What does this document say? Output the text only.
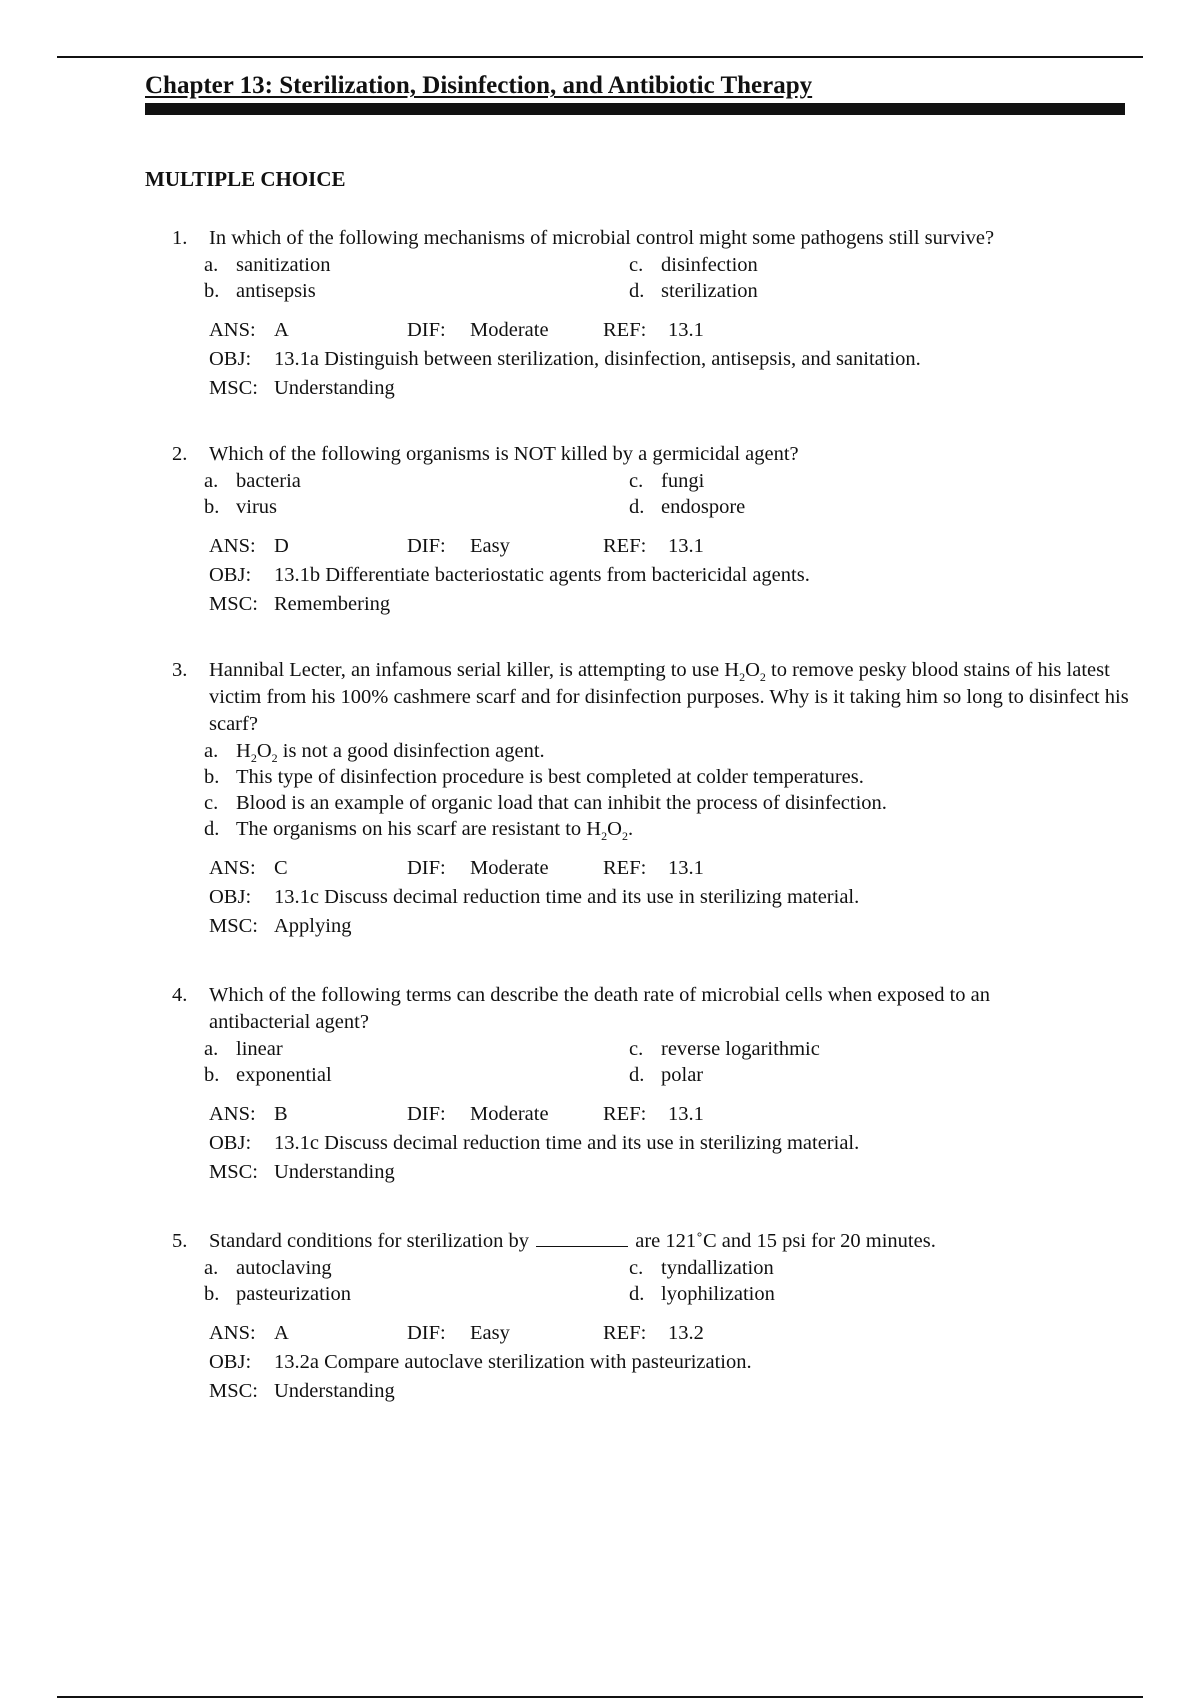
Chapter 13: Sterilization, Disinfection, and Antibiotic Therapy
MULTIPLE CHOICE
1.	In which of the following mechanisms of microbial control might some pathogens still survive?
a. sanitization	c. disinfection
b. antisepsis	d. sterilization
ANS: A	DIF:	Moderate	REF:	13.1
OBJ:	13.1a Distinguish between sterilization, disinfection, antisepsis, and sanitation.
MSC: Understanding
2.	Which of the following organisms is NOT killed by a germicidal agent?
a. bacteria	c. fungi
b. virus	d. endospore
ANS: D	DIF:	Easy	REF:	13.1
OBJ:	13.1b Differentiate bacteriostatic agents from bactericidal agents.
MSC: Remembering
3.	Hannibal Lecter, an infamous serial killer, is attempting to use $H_2O_2$ to remove pesky blood stains of his latest victim from his 100% cashmere scarf and for disinfection purposes. Why is it taking him so long to disinfect his scarf?
a. $H_2O_2$ is not a good disinfection agent.
b. This type of disinfection procedure is best completed at colder temperatures.
c. Blood is an example of organic load that can inhibit the process of disinfection.
d. The organisms on his scarf are resistant to $H_2O_2$.
ANS: C	DIF:	Moderate	REF:	13.1
OBJ:	13.1c Discuss decimal reduction time and its use in sterilizing material.
MSC: Applying
4.	Which of the following terms can describe the death rate of microbial cells when exposed to an antibacterial agent?
a. linear	c. reverse logarithmic
b. exponential	d. polar
ANS: B	DIF:	Moderate	REF:	13.1
OBJ:	13.1c Discuss decimal reduction time and its use in sterilizing material.
MSC: Understanding
5.	Standard conditions for sterilization by	are 121˚C and 15 psi for 20 minutes.
a. autoclaving	c. tyndallization
b. pasteurization	d. lyophilization
ANS: A	DIF:	Easy	REF:	13.2
OBJ:	13.2a Compare autoclave sterilization with pasteurization.
MSC: Understanding
